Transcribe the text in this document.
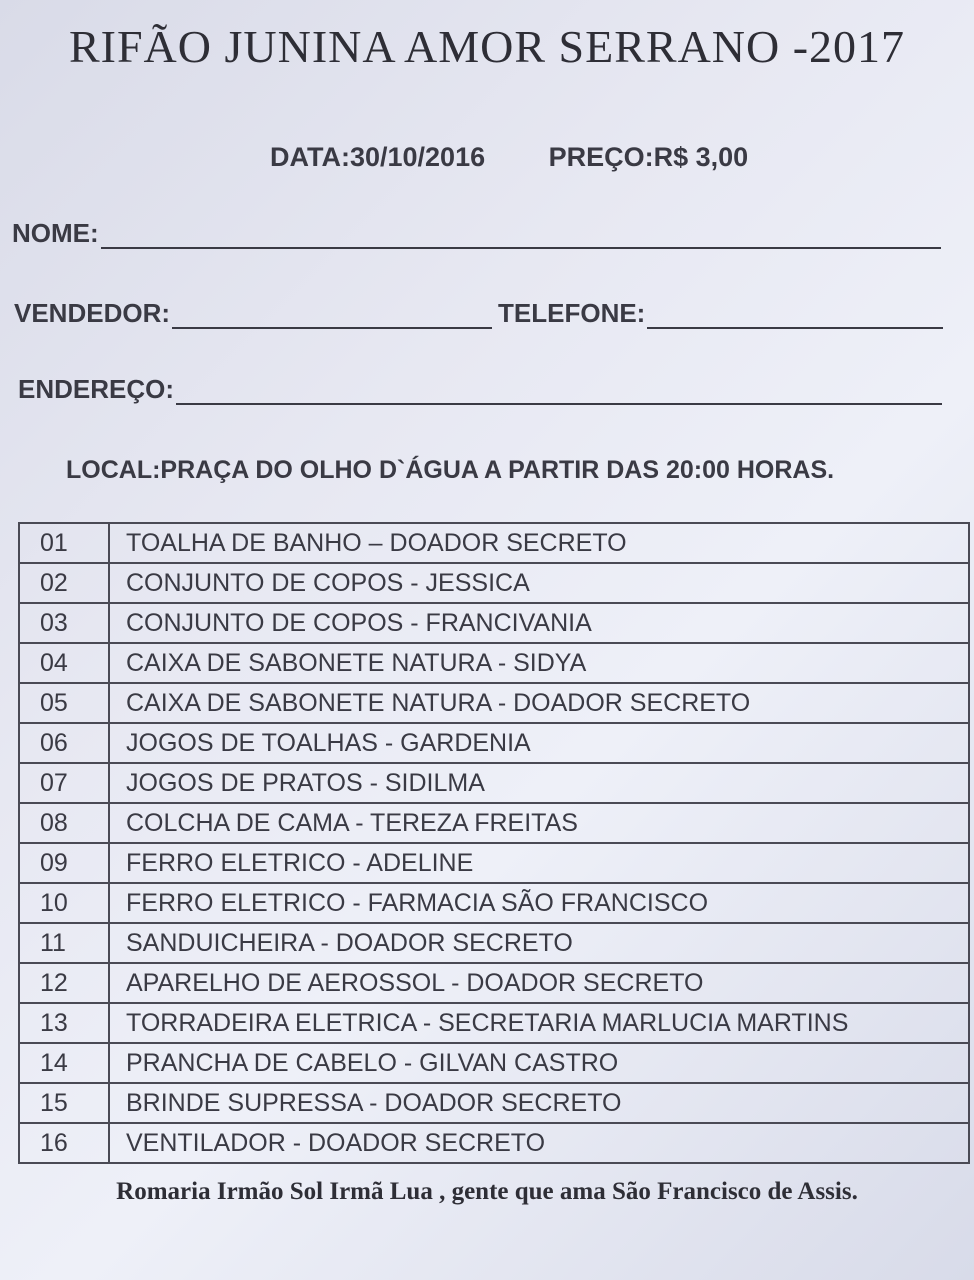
RIFÃO JUNINA AMOR SERRANO -2017
DATA:30/10/2016 PREÇO:R$ 3,00
NOME:
VENDEDOR:	TELEFONE:
ENDEREÇO:
LOCAL:PRAÇA DO OLHO D`ÁGUA A PARTIR DAS 20:00 HORAS.
01	TOALHA DE BANHO – DOADOR SECRETO
02	CONJUNTO DE COPOS - JESSICA
03	CONJUNTO DE COPOS - FRANCIVANIA
04	CAIXA DE SABONETE NATURA - SIDYA
05	CAIXA DE SABONETE NATURA - DOADOR SECRETO
06	JOGOS DE TOALHAS - GARDENIA
07	JOGOS DE PRATOS - SIDILMA
08	COLCHA DE CAMA - TEREZA FREITAS
09	FERRO ELETRICO - ADELINE
10	FERRO ELETRICO - FARMACIA SÃO FRANCISCO
11	SANDUICHEIRA - DOADOR SECRETO
12	APARELHO DE AEROSSOL - DOADOR SECRETO
13	TORRADEIRA ELETRICA - SECRETARIA MARLUCIA MARTINS
14	PRANCHA DE CABELO - GILVAN CASTRO
15	BRINDE SUPRESSA - DOADOR SECRETO
16	VENTILADOR - DOADOR SECRETO
Romaria Irmão Sol Irmã Lua , gente que ama São Francisco de Assis.
